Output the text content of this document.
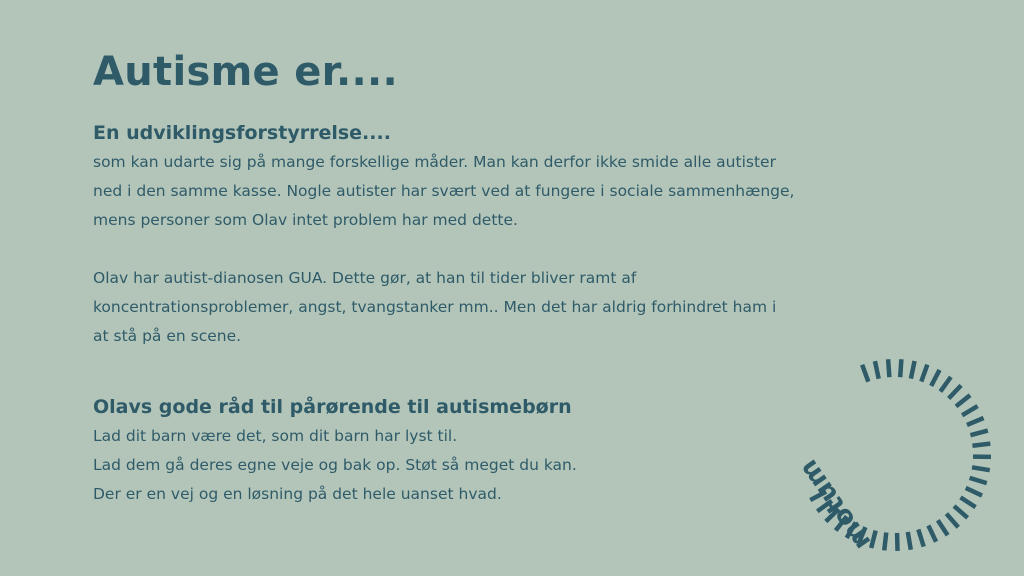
Autisme er....

En udviklingsforstyrrelse....

som kan udarte sig på mange forskellige måder. Man kan derfor ikke smide alle autister

ned i den samme kasse. Nogle autister har svært ved at fungere i sociale sammenhænge,

mens personer som Olav intet problem har med dette.

Olav har autist-dianosen GUA. Dette gør, at han til tider bliver ramt af

koncentrationsproblemer, angst, tvangstanker mm.. Men det har aldrig forhindret ham i

at stå på en scene.

Olavs gode råd til pårørende til autismebørn

Lad dit barn være det, som dit barn har lyst til.

Lad dem gå deres egne veje og bak op. Støt så meget du kan.

Der er en vej og en løsning på det hele uanset hvad.	motum
